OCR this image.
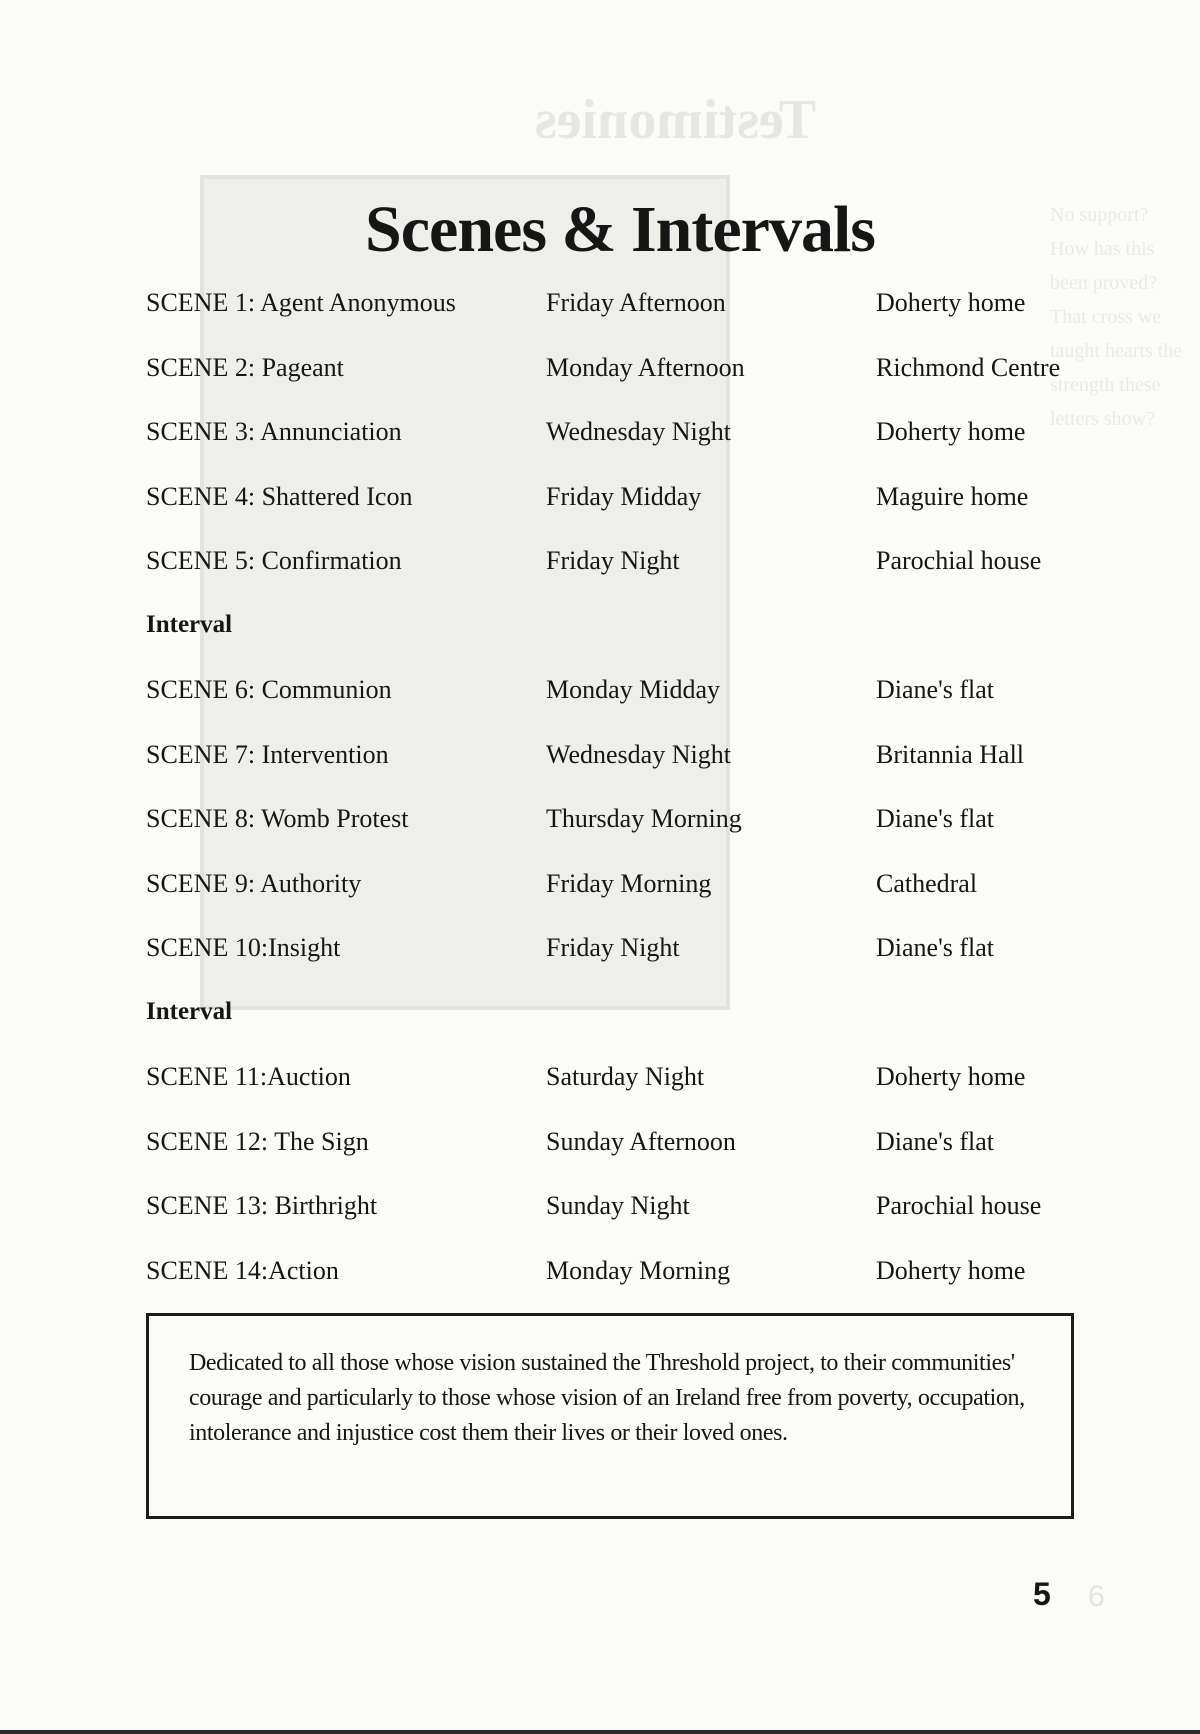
Testimonies
No support? How has this been proved? That cross we taught hearts the strength these letters show?
6
Scenes & Intervals
SCENE 1: Agent Anonymous	Friday Afternoon	Doherty home
SCENE 2: Pageant	Monday Afternoon	Richmond Centre
SCENE 3: Annunciation	Wednesday Night	Doherty home
SCENE 4: Shattered Icon	Friday Midday	Maguire home
SCENE 5: Confirmation	Friday Night	Parochial house
Interval
SCENE 6: Communion	Monday Midday	Diane's flat
SCENE 7: Intervention	Wednesday Night	Britannia Hall
SCENE 8: Womb Protest	Thursday Morning	Diane's flat
SCENE 9: Authority	Friday Morning	Cathedral
SCENE 10:Insight	Friday Night	Diane's flat
Interval
SCENE 11:Auction	Saturday Night	Doherty home
SCENE 12: The Sign	Sunday Afternoon	Diane's flat
SCENE 13: Birthright	Sunday Night	Parochial house
SCENE 14:Action	Monday Morning	Doherty home
Dedicated to all those whose vision sustained the Threshold project, to their communities' courage and particularly to those whose vision of an Ireland free from poverty, occupation, intolerance and injustice cost them their lives or their loved ones.
5
